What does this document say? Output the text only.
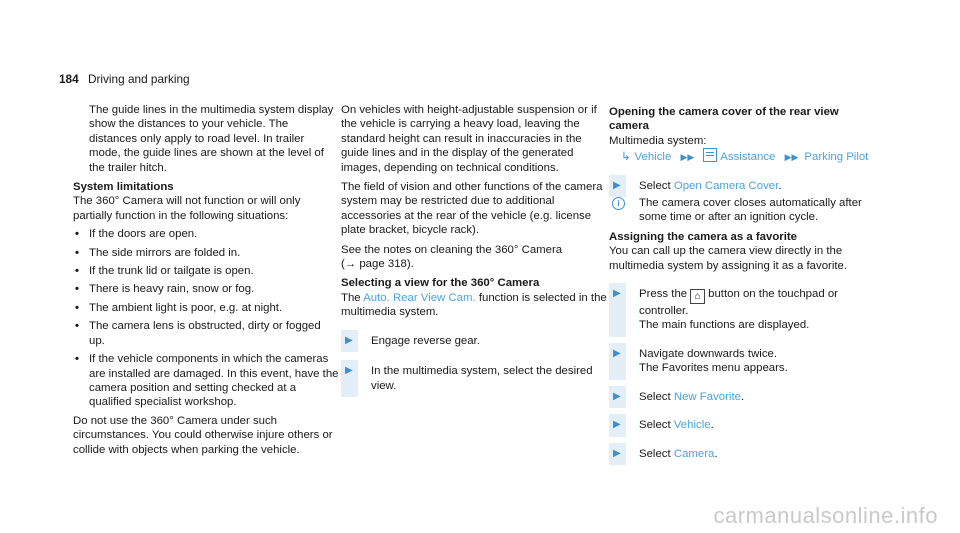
184 Driving and parking

The guide lines in the multimedia system display show the distances to your vehicle. The distances only apply to road level. In trailer mode, the guide lines are shown at the level of the trailer hitch.

System limitations

The 360° Camera will not function or will only partially function in the following situations:

• If the doors are open.
• The side mirrors are folded in.
• If the trunk lid or tailgate is open.
• There is heavy rain, snow or fog.
• The ambient light is poor, e.g. at night.
• The camera lens is obstructed, dirty or fogged up.
• If the vehicle components in which the cameras are installed are damaged. In this event, have the camera position and setting checked at a qualified specialist workshop.

Do not use the 360° Camera under such circumstances. You could otherwise injure others or collide with objects when parking the vehicle.

On vehicles with height-adjustable suspension or if the vehicle is carrying a heavy load, leaving the standard height can result in inaccuracies in the guide lines and in the display of the generated images, depending on technical conditions.

The field of vision and other functions of the camera system may be restricted due to additional accessories at the rear of the vehicle (e.g. license plate bracket, bicycle rack).

See the notes on cleaning the 360° Camera
(→ page 318).

Selecting a view for the 360° Camera

The Auto. Rear View Cam. function is selected in the multimedia system.

▶ Engage reverse gear.
▶ In the multimedia system, select the desired view.

Opening the camera cover of the rear view camera

Multimedia system:

↳ Vehicle ▶▶ Assistance ▶▶ Parking Pilot

▶ Select Open Camera Cover.
i	The camera cover closes automatically after some time or after an ignition cycle.

Assigning the camera as a favorite

You can call up the camera view directly in the multimedia system by assigning it as a favorite.

▶ Press the ⌂ button on the touchpad or controller.
The main functions are displayed.
▶ Navigate downwards twice.
The Favorites menu appears.
▶ Select New Favorite.
▶ Select Vehicle.
▶ Select Camera.
carmanualsonline.info
